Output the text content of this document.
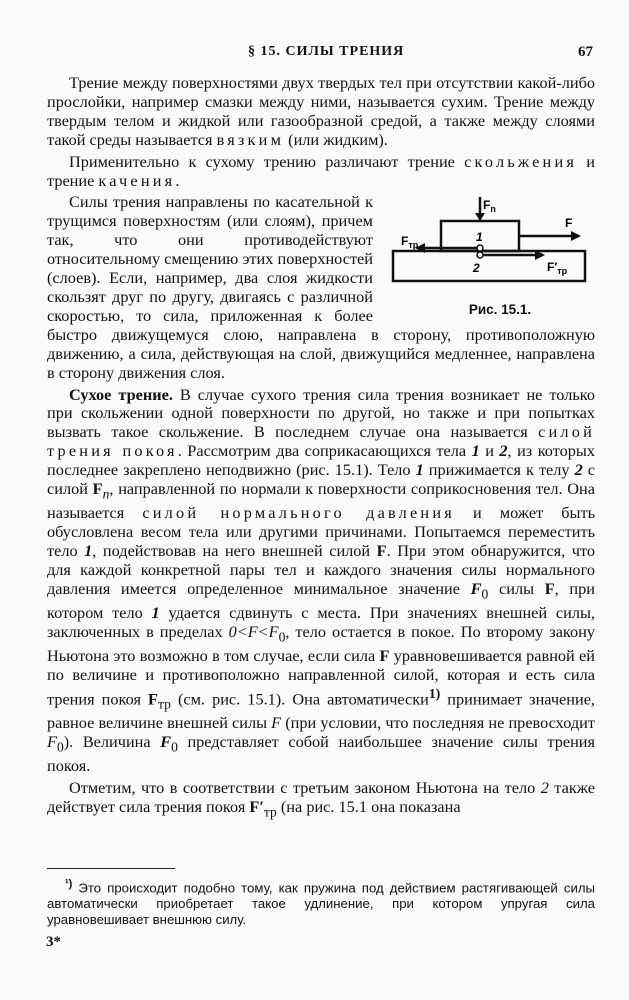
§ 15. СИЛЫ ТРЕНИЯ	67

Трение между поверхностями двух твердых тел при отсутствии какой-либо прослойки, например смазки между ними, называется сухим. Трение между твердым телом и жидкой или газообразной средой, а также между слоями такой среды называется вязким (или жидким).

Применительно к сухому трению различают трение скольжения и трение качения.

$F_n$
F
$F_{тр}$
$F'_{тр}$
1
2
Рис. 15.1.
Силы трения направлены по касательной к трущимся поверхностям (или слоям), причем так, что они противодействуют относительному смещению этих поверхностей (слоев). Если, например, два слоя жидкости скользят друг по другу, двигаясь с различной скоростью, то сила, приложенная к более быстро движущемуся слою, направлена в сторону, противоположную движению, а сила, действующая на слой, движущийся медленнее, направлена в сторону движения слоя.

Сухое трение. В случае сухого трения сила трения возникает не только при скольжении одной поверхности по другой, но также и при попытках вызвать такое скольжение. В последнем случае она называется силой трения покоя. Рассмотрим два соприкасающихся тела 1 и 2, из которых последнее закреплено неподвижно (рис. 15.1). Тело 1 прижимается к телу 2 с силой $F_n$, направленной по нормали к поверхности соприкосновения тел. Она называется силой нормального давления и может быть обусловлена весом тела или другими причинами. Попытаемся переместить тело 1, подействовав на него внешней силой F. При этом обнаружится, что для каждой конкретной пары тел и каждого значения силы нормального давления имеется определенное минимальное значение $F_0$ силы F, при котором тело 1 удается сдвинуть с места. При значениях внешней силы, заключенных в пределах $0<F<F_0$, тело остается в покое. По второму закону Ньютона это возможно в том случае, если сила F уравновешивается равной ей по величине и противоположно направленной силой, которая и есть сила трения покоя $F_{тр}$ (см. рис. 15.1). Она автоматически$^{1)}$ принимает значение, равное величине внешней силы F (при условии, что последняя не превосходит $F_0$). Величина $F_0$ представляет собой наибольшее значение силы трения покоя.

Отметим, что в соответствии с третьим законом Ньютона на тело 2 также действует сила трения покоя $F'_{тр}$ (на рис. 15.1 она показана

$^{^1)}$ Это происходит подобно тому, как пружина под действием растягивающей силы автоматически приобретает такое удлинение, при котором упругая сила уравновешивает внешнюю силу.
3*
